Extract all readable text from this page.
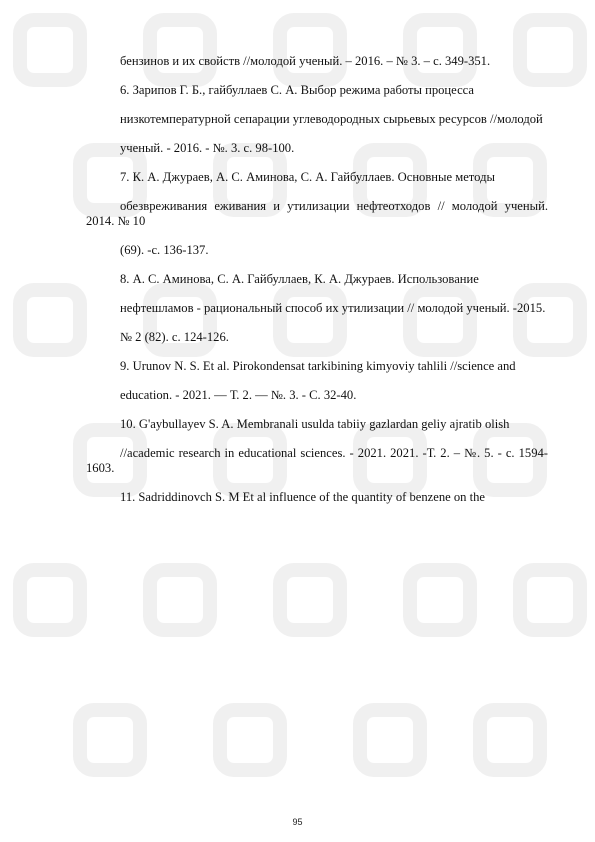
бензинов и их свойств //молодой ученый. – 2016. – № 3. – с. 349-351.

6. Зарипов Г. Б., гайбуллаев С. А. Выбор режима работы процесса

низкотемпературной сепарации углеводородных сырьевых ресурсов //молодой

ученый. - 2016. - №. 3. с. 98-100.

7. К. А. Джураев, А. С. Аминова, С. А. Гайбуллаев. Основные методы

обезвреживания еживания и утилизации нефтеотходов // молодой ученый. 2014. № 10

(69). -с. 136-137.

8. А. С. Аминова, С. А. Гайбуллаев, К. А. Джураев. Использование

нефтешламов - рациональный способ их утилизации // молодой ученый. -2015.

№ 2 (82). с. 124-126.

9. Urunov N. S. Et al. Pirokondensat tarkibining kimyoviy tahlili //science and

education. - 2021. — Т. 2. — №. 3. - С. 32-40.

10. G'aybullayev S. A. Membranali usulda tabiiy gazlardan geliy ajratib olish

//academic research in educational sciences. - 2021. 2021. -Т. 2. – №. 5. - с. 1594-1603.

11. Sadriddinovch S. M Et al influence of the quantity of benzene on the

95
